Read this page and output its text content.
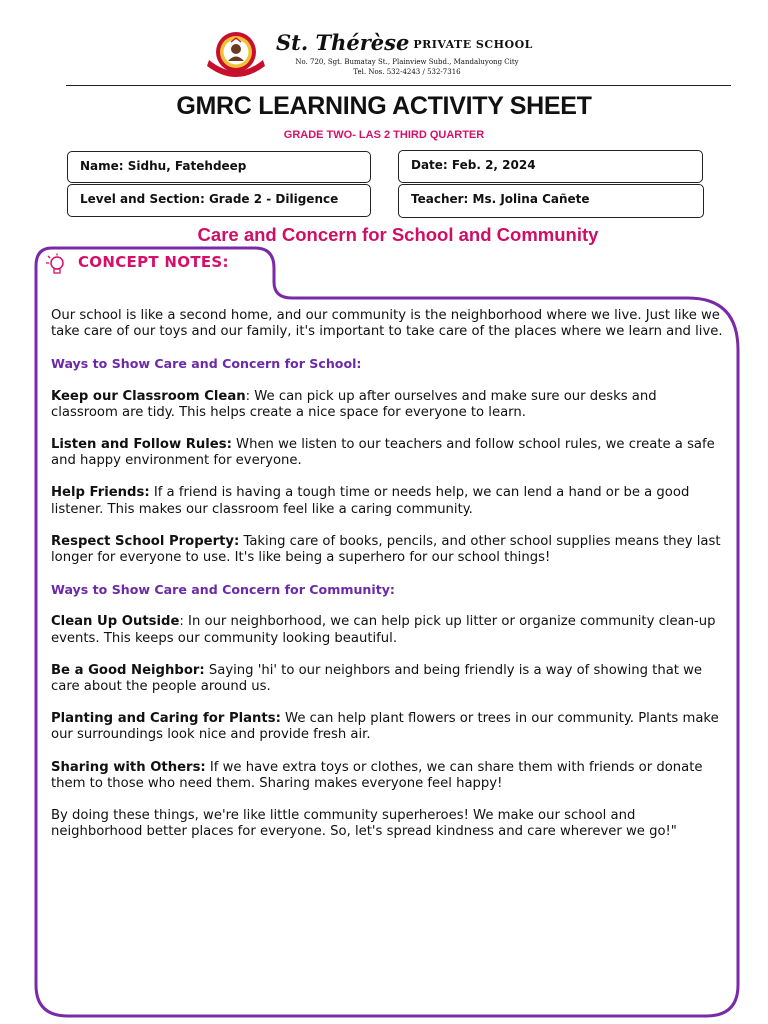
St. Thérèse PRIVATE SCHOOL
No. 720, Sgt. Bumatay St., Plainview Subd., Mandaluyong City
Tel. Nos. 532-4243 / 532-7316
GMRC LEARNING ACTIVITY SHEET
GRADE TWO- LAS 2 THIRD QUARTER
Name: Sidhu, Fatehdeep	Date: Feb. 2, 2024
Level and Section: Grade 2 - Diligence	Teacher: Ms. Jolina Cañete
Care and Concern for School and Community
CONCEPT NOTES:

Our school is like a second home, and our community is the neighborhood where we live. Just like we take care of our toys and our family, it's important to take care of the places where we learn and live.

Ways to Show Care and Concern for School:

Keep our Classroom Clean: We can pick up after ourselves and make sure our desks and classroom are tidy. This helps create a nice space for everyone to learn.

Listen and Follow Rules: When we listen to our teachers and follow school rules, we create a safe and happy environment for everyone.

Help Friends: If a friend is having a tough time or needs help, we can lend a hand or be a good listener. This makes our classroom feel like a caring community.

Respect School Property: Taking care of books, pencils, and other school supplies means they last longer for everyone to use. It's like being a superhero for our school things!

Ways to Show Care and Concern for Community:

Clean Up Outside: In our neighborhood, we can help pick up litter or organize community clean-up events. This keeps our community looking beautiful.

Be a Good Neighbor: Saying 'hi' to our neighbors and being friendly is a way of showing that we care about the people around us.

Planting and Caring for Plants: We can help plant flowers or trees in our community. Plants make our surroundings look nice and provide fresh air.

Sharing with Others: If we have extra toys or clothes, we can share them with friends or donate them to those who need them. Sharing makes everyone feel happy!

By doing these things, we're like little community superheroes! We make our school and neighborhood better places for everyone. So, let's spread kindness and care wherever we go!"
